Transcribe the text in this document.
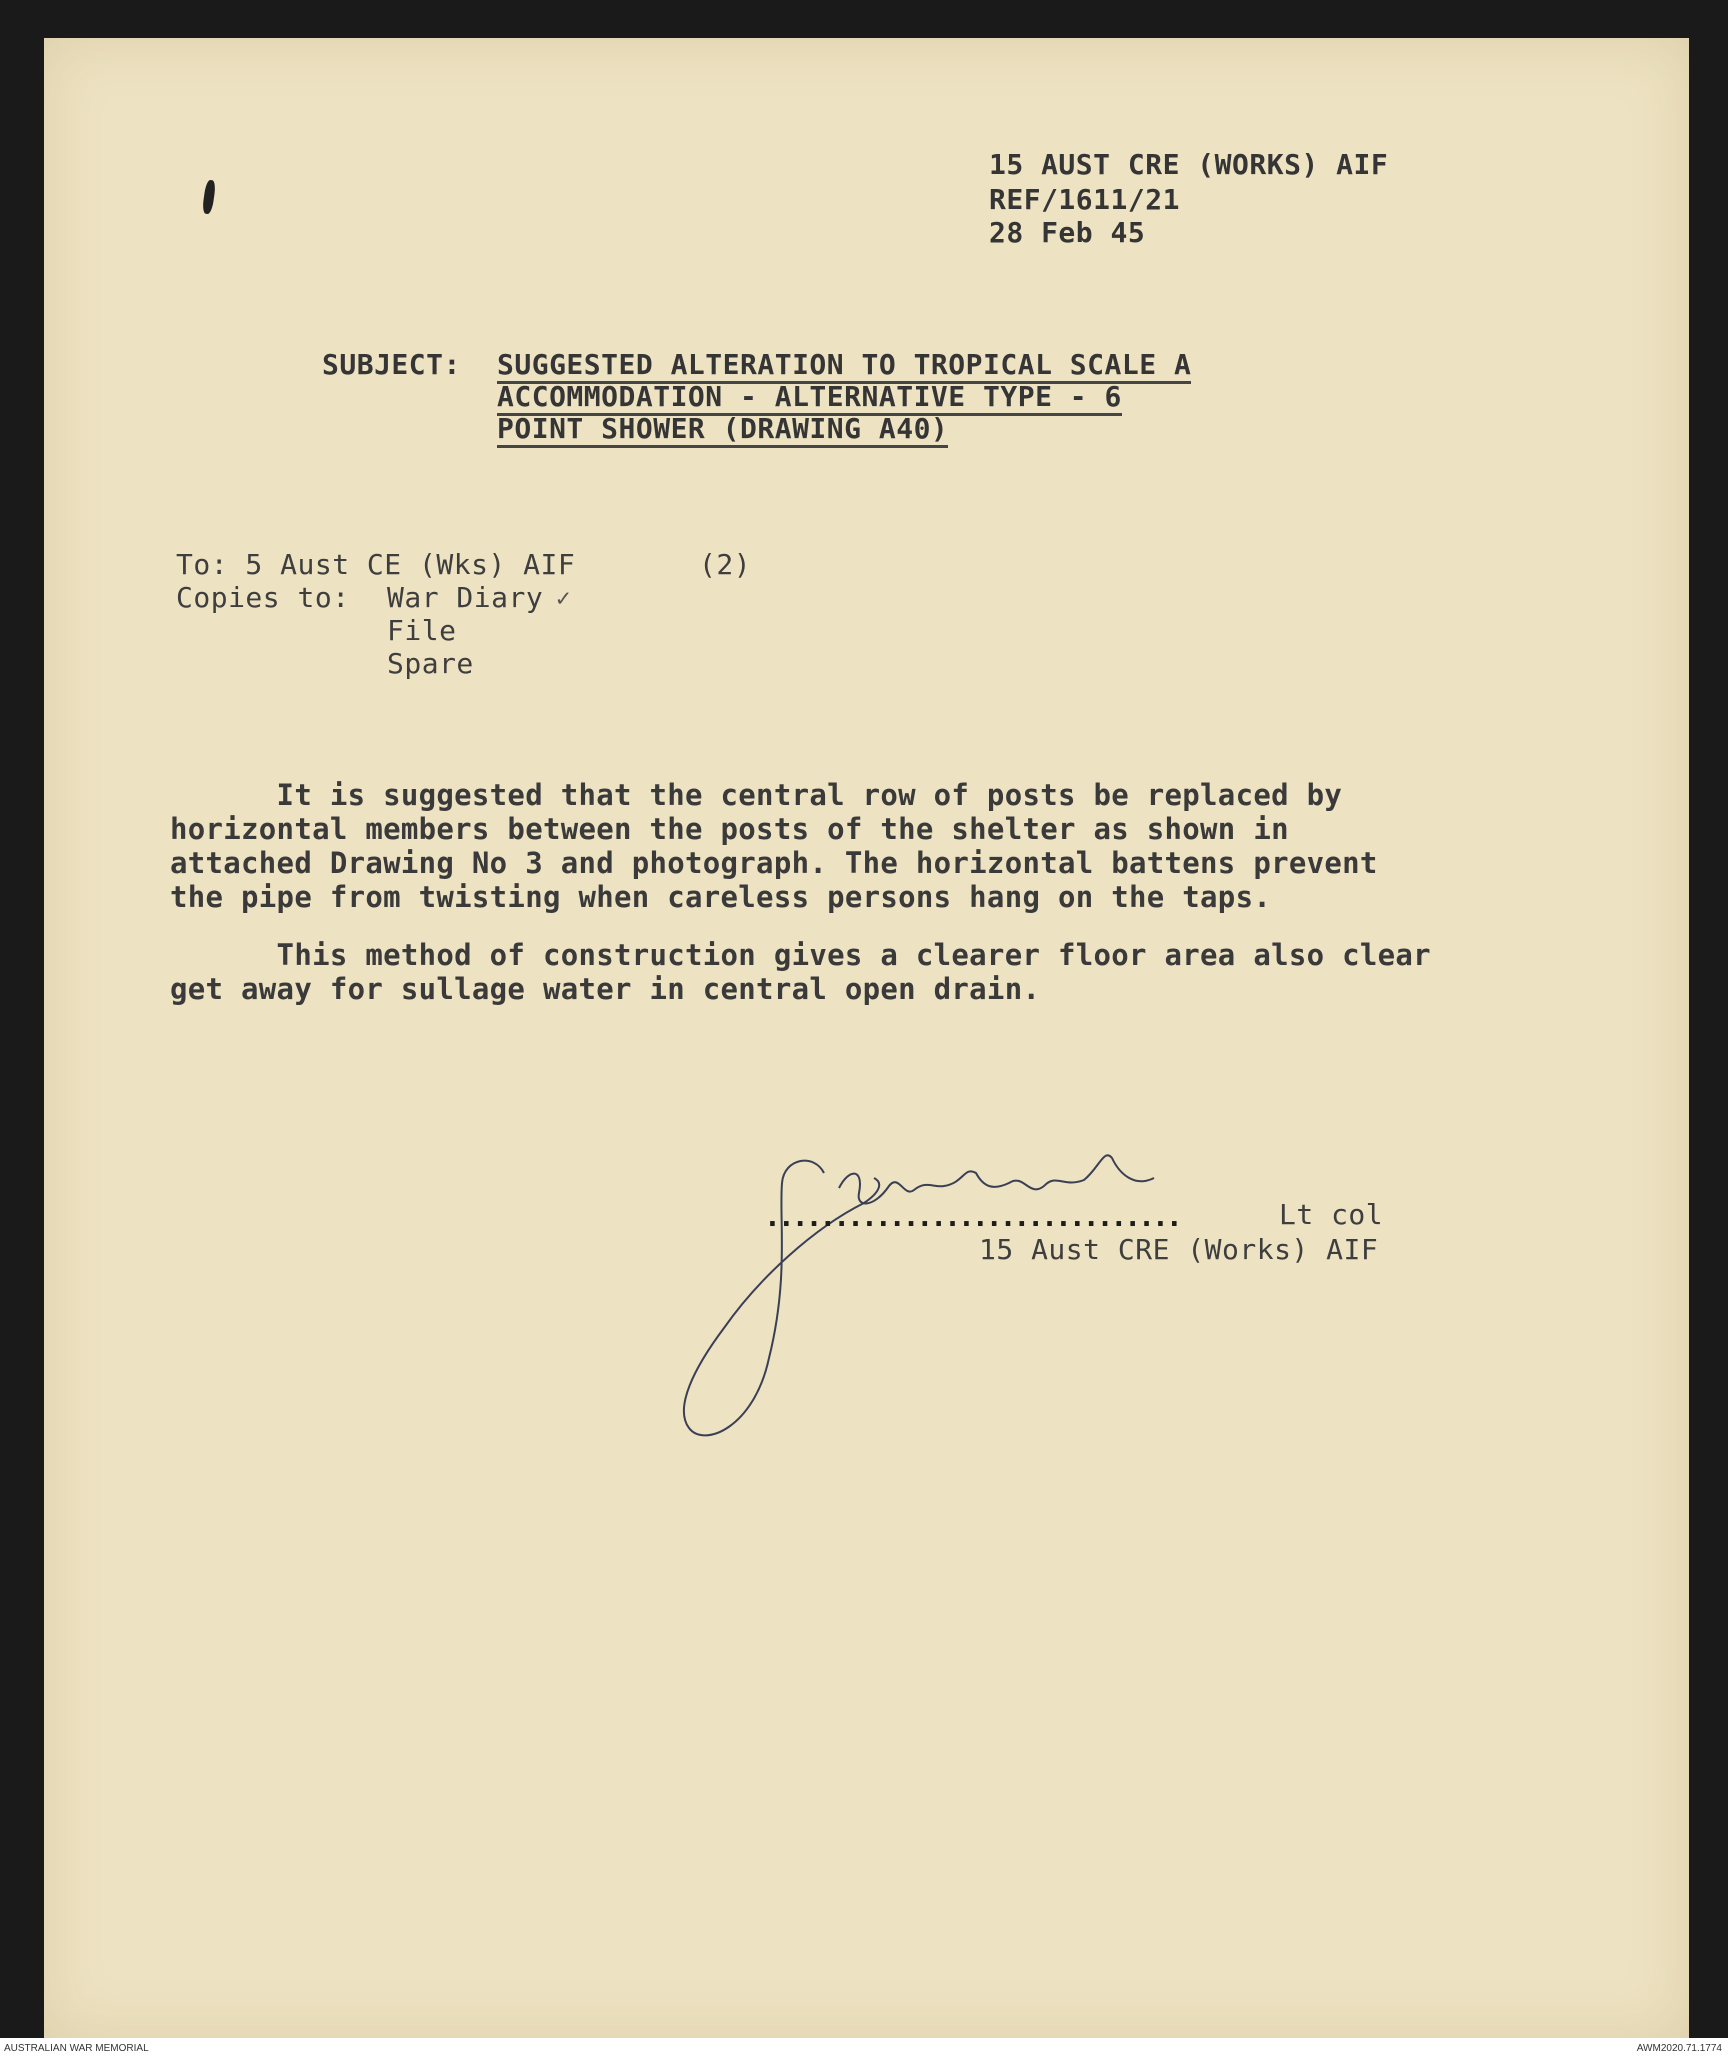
15 AUST CRE (WORKS) AIF
REF/1611/21
28 Feb 45
SUBJECT: SUGGESTED ALTERATION TO TROPICAL SCALE A
ACCOMMODATION - ALTERNATIVE TYPE - 6
POINT SHOWER (DRAWING A40)
To: 5 Aust CE (Wks) AIF	(2)
Copies to: War Diary ✓
File
Spare
It is suggested that the central row of posts be replaced by
horizontal members between the posts of the shelter as shown in
attached Drawing No 3 and photograph. The horizontal battens prevent
the pipe from twisting when careless persons hang on the taps.
This method of construction gives a clearer floor area also clear
get away for sullage water in central open drain.
..............................	Lt col
15 Aust CRE (Works) AIF
AUSTRALIAN WAR MEMORIAL	AWM2020.71.1774
